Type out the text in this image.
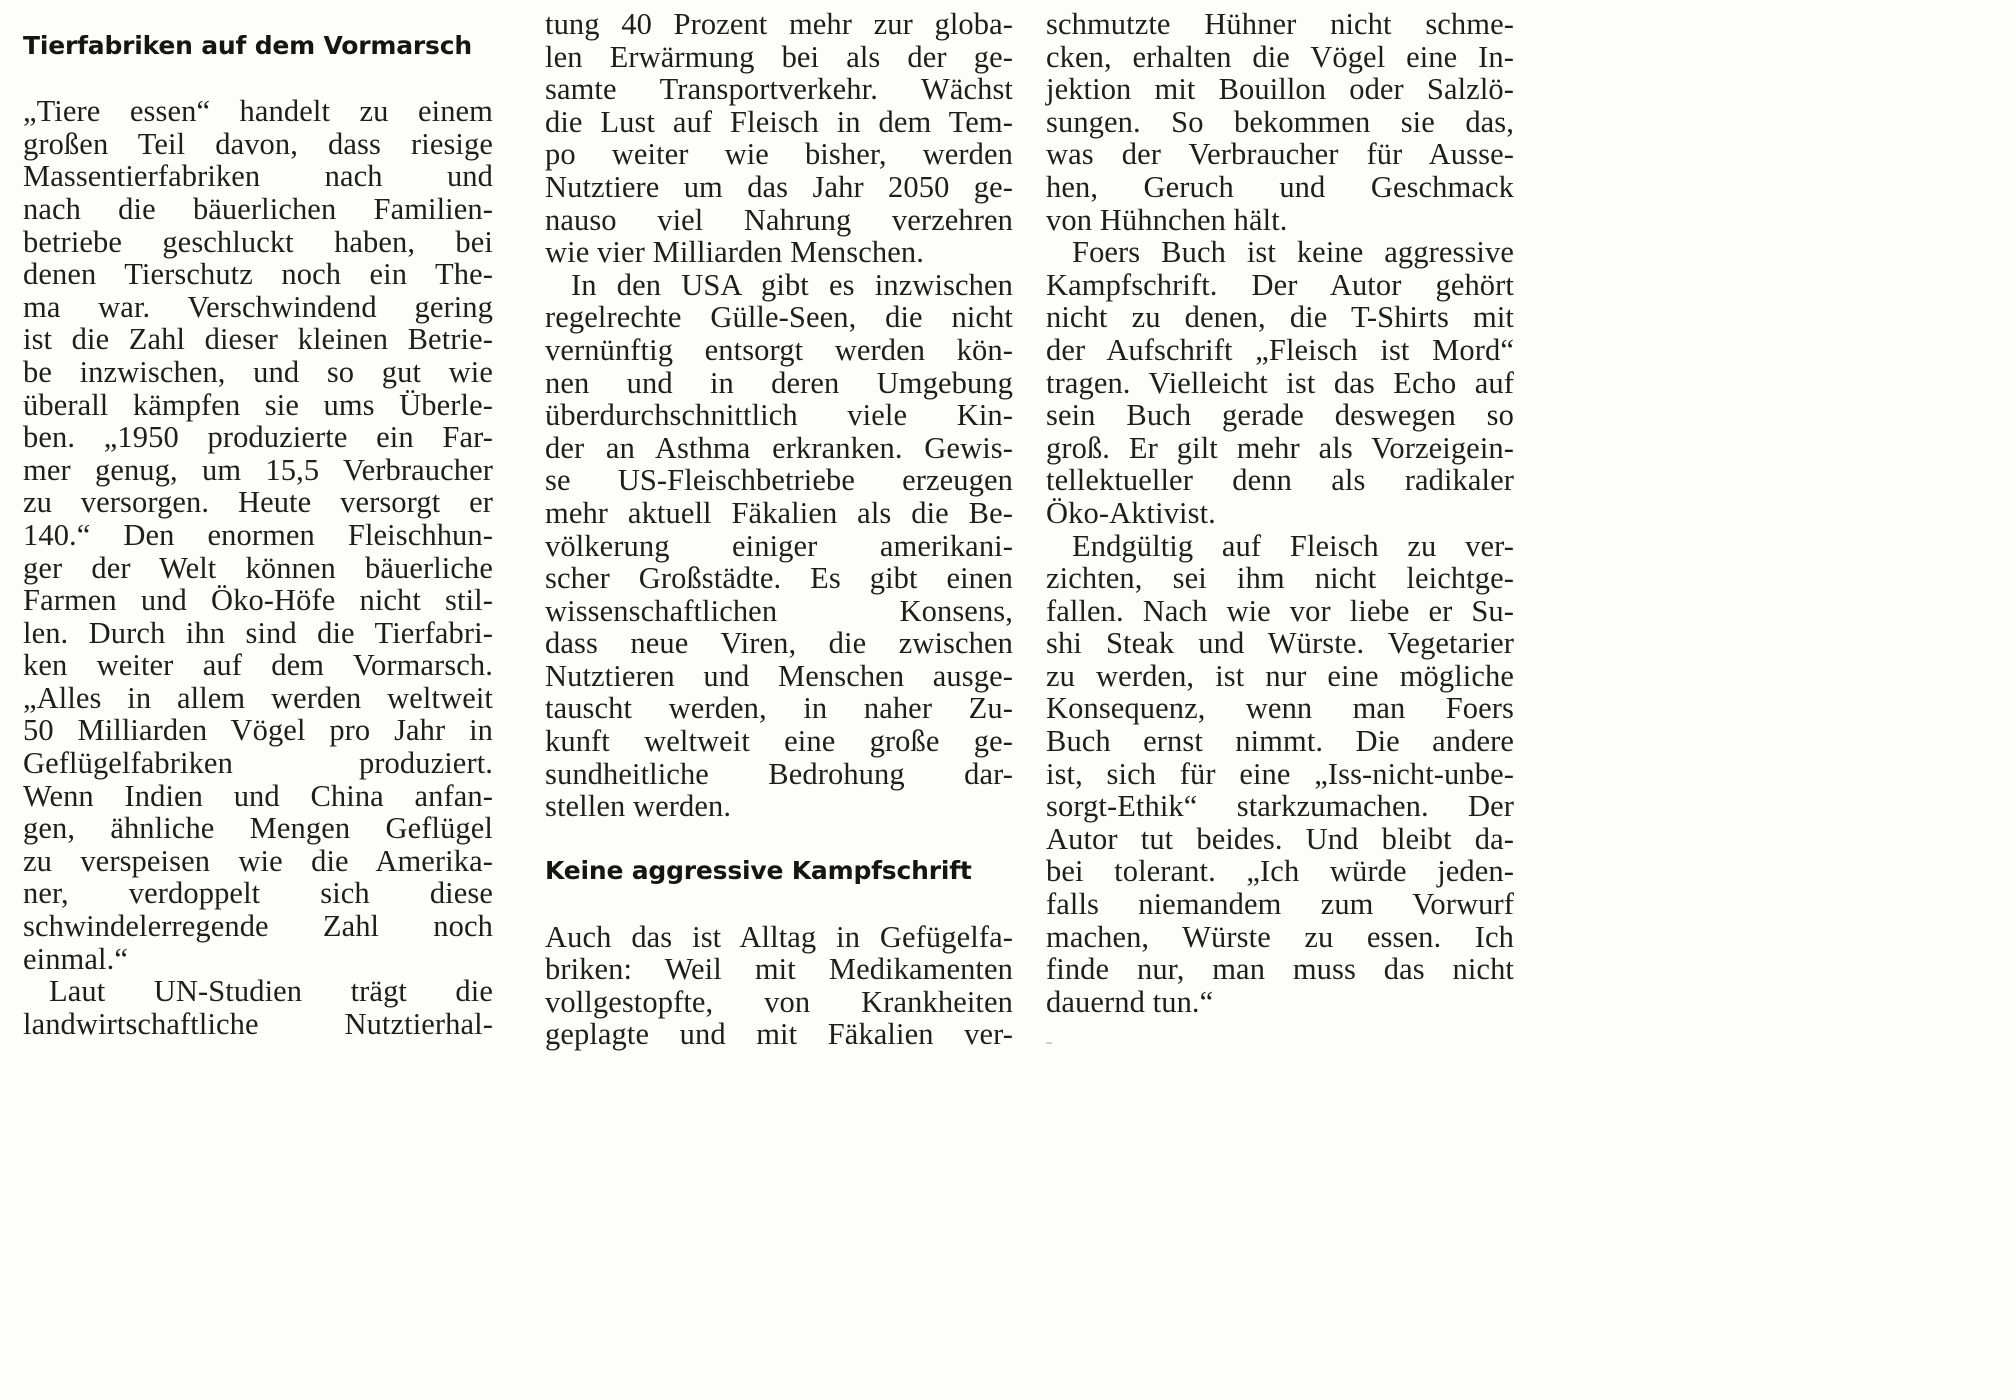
Tierfabriken auf dem Vormarsch
„Tiere essen“ handelt zu einem
großen Teil davon, dass riesige
Massentierfabriken nach und
nach die bäuerlichen Familien-
betriebe geschluckt haben, bei
denen Tierschutz noch ein The-
ma war. Verschwindend gering
ist die Zahl dieser kleinen Betrie-
be inzwischen, und so gut wie
überall kämpfen sie ums Überle-
ben. „1950 produzierte ein Far-
mer genug, um 15,5 Verbraucher
zu versorgen. Heute versorgt er
140.“ Den enormen Fleischhun-
ger der Welt können bäuerliche
Farmen und Öko-Höfe nicht stil-
len. Durch ihn sind die Tierfabri-
ken weiter auf dem Vormarsch.
„Alles in allem werden weltweit
50 Milliarden Vögel pro Jahr in
Geflügelfabriken produziert.
Wenn Indien und China anfan-
gen, ähnliche Mengen Geflügel
zu verspeisen wie die Amerika-
ner, verdoppelt sich diese
schwindelerregende Zahl noch
einmal.“
Laut UN-Studien trägt die
landwirtschaftliche Nutztierhal-
tung 40 Prozent mehr zur globa-
len Erwärmung bei als der ge-
samte Transportverkehr. Wächst
die Lust auf Fleisch in dem Tem-
po weiter wie bisher, werden
Nutztiere um das Jahr 2050 ge-
nauso viel Nahrung verzehren
wie vier Milliarden Menschen.
In den USA gibt es inzwischen
regelrechte Gülle-Seen, die nicht
vernünftig entsorgt werden kön-
nen und in deren Umgebung
überdurchschnittlich viele Kin-
der an Asthma erkranken. Gewis-
se US-Fleischbetriebe erzeugen
mehr aktuell Fäkalien als die Be-
völkerung einiger amerikani-
scher Großstädte. Es gibt einen
wissenschaftlichen Konsens,
dass neue Viren, die zwischen
Nutztieren und Menschen ausge-
tauscht werden, in naher Zu-
kunft weltweit eine große ge-
sundheitliche Bedrohung dar-
stellen werden.
Keine aggressive Kampfschrift
Auch das ist Alltag in Gefügelfa-
briken: Weil mit Medikamenten
vollgestopfte, von Krankheiten
geplagte und mit Fäkalien ver-
schmutzte Hühner nicht schme-
cken, erhalten die Vögel eine In-
jektion mit Bouillon oder Salzlö-
sungen. So bekommen sie das,
was der Verbraucher für Ausse-
hen, Geruch und Geschmack
von Hühnchen hält.
Foers Buch ist keine aggressive
Kampfschrift. Der Autor gehört
nicht zu denen, die T-Shirts mit
der Aufschrift „Fleisch ist Mord“
tragen. Vielleicht ist das Echo auf
sein Buch gerade deswegen so
groß. Er gilt mehr als Vorzeigein-
tellektueller denn als radikaler
Öko-Aktivist.
Endgültig auf Fleisch zu ver-
zichten, sei ihm nicht leichtge-
fallen. Nach wie vor liebe er Su-
shi Steak und Würste. Vegetarier
zu werden, ist nur eine mögliche
Konsequenz, wenn man Foers
Buch ernst nimmt. Die andere
ist, sich für eine „Iss-nicht-unbe-
sorgt-Ethik“ starkzumachen. Der
Autor tut beides. Und bleibt da-
bei tolerant. „Ich würde jeden-
falls niemandem zum Vorwurf
machen, Würste zu essen. Ich
finde nur, man muss das nicht
dauernd tun.“
